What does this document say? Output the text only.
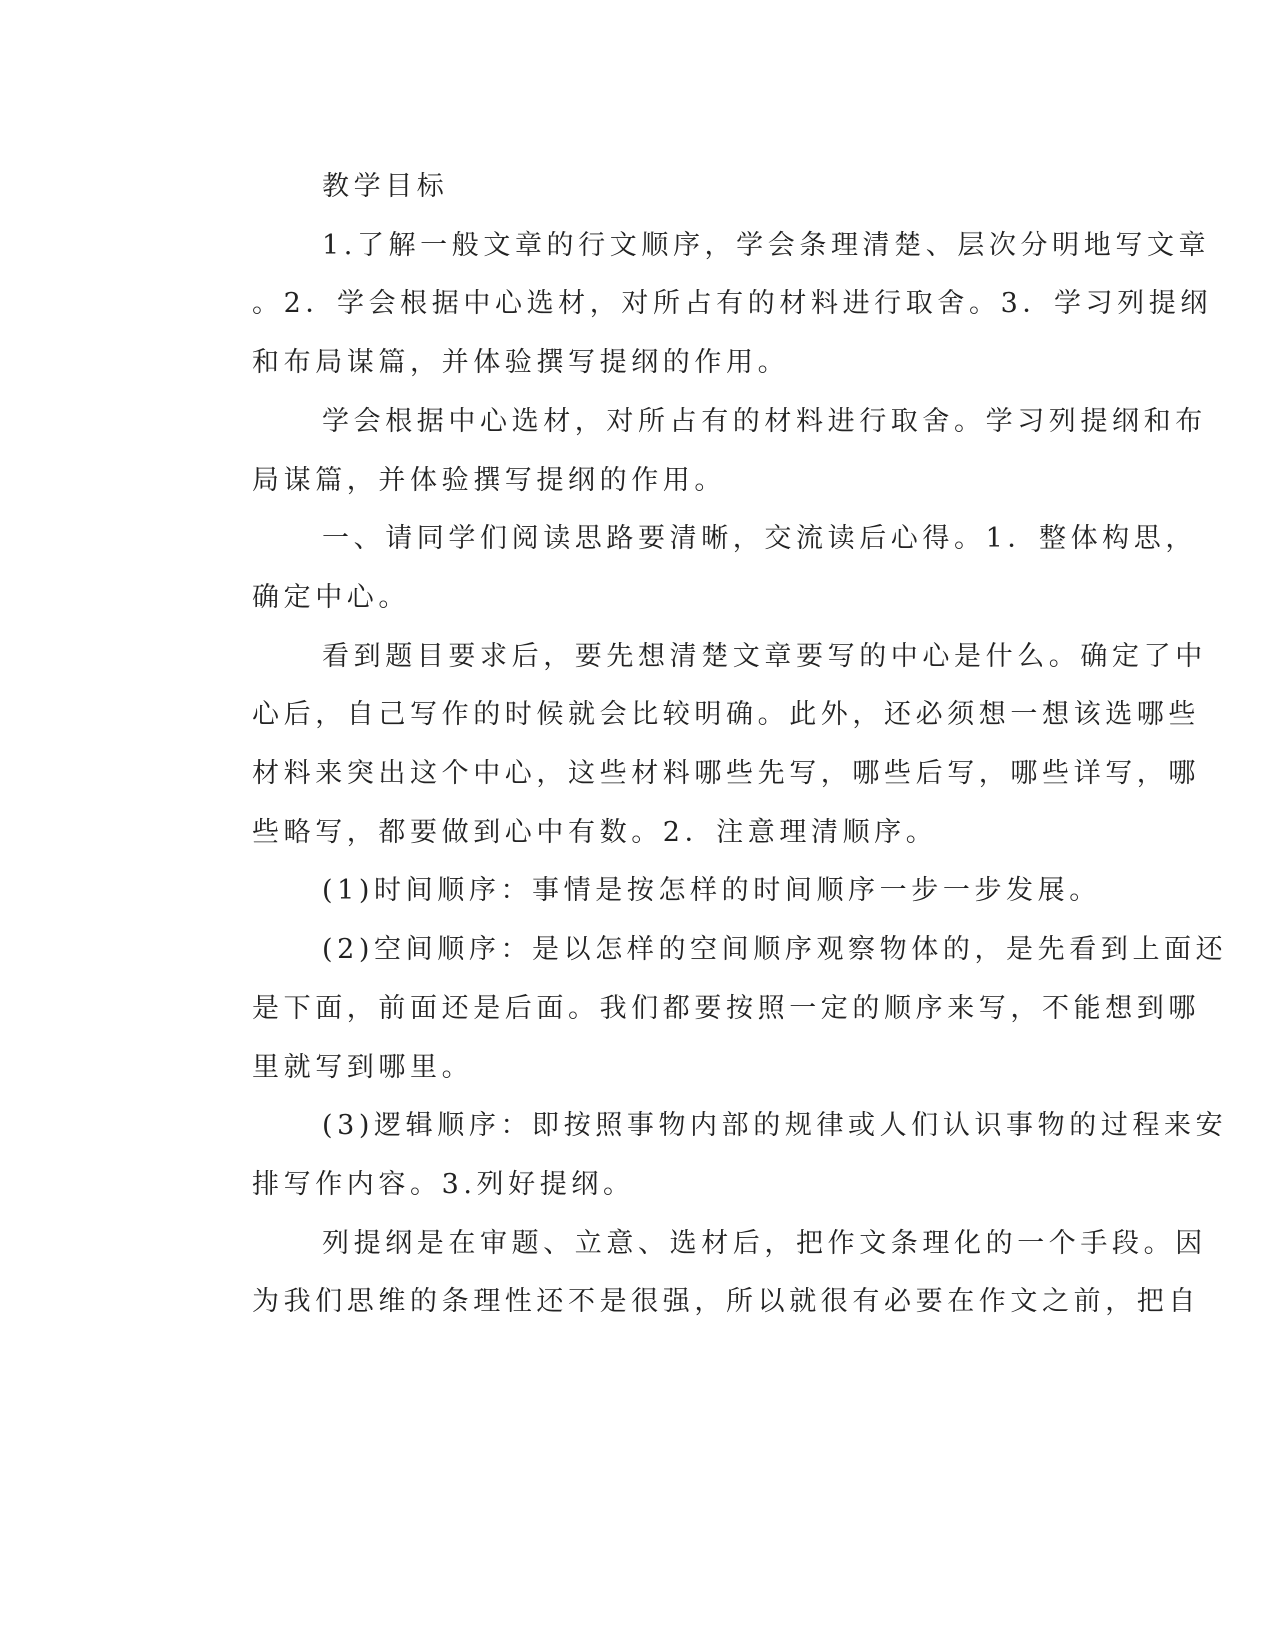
教学目标
1.了解一般文章的行文顺序，学会条理清楚、层次分明地写文章
。2．学会根据中心选材，对所占有的材料进行取舍。3．学习列提纲
和布局谋篇，并体验撰写提纲的作用。
学会根据中心选材，对所占有的材料进行取舍。学习列提纲和布
局谋篇，并体验撰写提纲的作用。
一、请同学们阅读思路要清晰，交流读后心得。1．整体构思，
确定中心。
看到题目要求后，要先想清楚文章要写的中心是什么。确定了中
心后，自己写作的时候就会比较明确。此外，还必须想一想该选哪些
材料来突出这个中心，这些材料哪些先写，哪些后写，哪些详写，哪
些略写，都要做到心中有数。2．注意理清顺序。
(1)时间顺序：事情是按怎样的时间顺序一步一步发展。
(2)空间顺序：是以怎样的空间顺序观察物体的，是先看到上面还
是下面，前面还是后面。我们都要按照一定的顺序来写，不能想到哪
里就写到哪里。
(3)逻辑顺序：即按照事物内部的规律或人们认识事物的过程来安
排写作内容。3.列好提纲。
列提纲是在审题、立意、选材后，把作文条理化的一个手段。因
为我们思维的条理性还不是很强，所以就很有必要在作文之前，把自
